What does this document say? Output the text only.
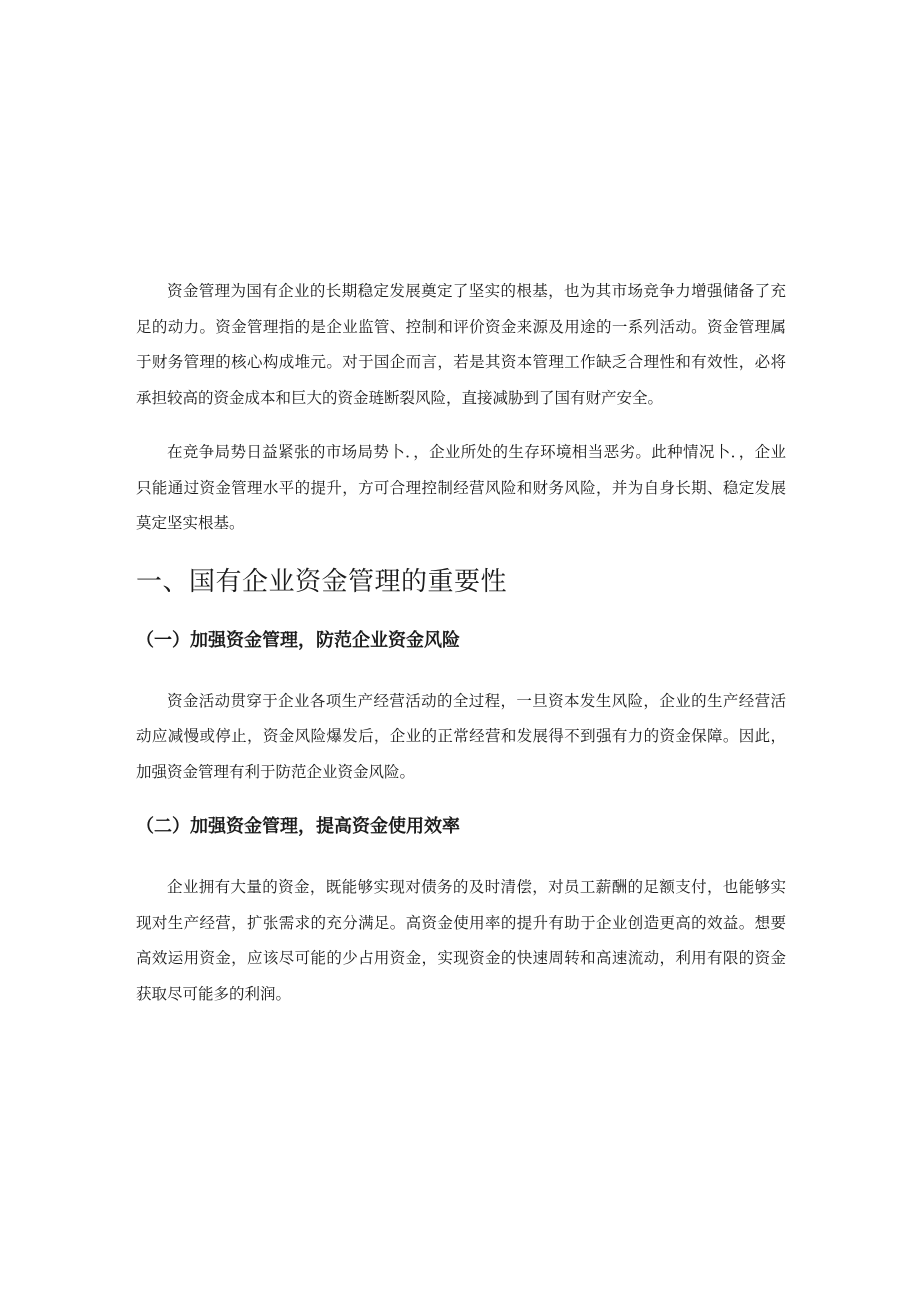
资金管理为国有企业的长期稳定发展奠定了坚实的根基，也为其市场竞争力增强储备了充足的动力。资金管理指的是企业监管、控制和评价资金来源及用途的一系列活动。资金管理属于财务管理的核心构成堆元。对于国企而言，若是其资本管理工作缺乏合理性和有效性，必将承担较高的资金成本和巨大的资金琏断裂风险，直接减胁到了国有财产安全。

在竞争局势日益紧张的市场局势卜．，企业所处的生存环境相当恶劣。此种情况卜．，企业只能通过资金管理水平的提升，方可合理控制经营风险和财务风险，并为自身长期、稳定发展莫定坚实根基。

一、国有企业资金管理的重要性
（一）加强资金管理，防范企业资金风险

资金活动贯穿于企业各项生产经营活动的全过程，一旦资本发生风险，企业的生产经营活动应减慢或停止，资金风险爆发后，企业的正常经营和发展得不到强有力的资金保障。因此，加强资金管理有利于防范企业资金风险。

（二）加强资金管理，提高资金使用效率

企业拥有大量的资金，既能够实现对债务的及时清偿，对员工薪酬的足额支付，也能够实现对生产经营，扩张需求的充分满足。高资金使用率的提升有助于企业创造更高的效益。想要高效运用资金，应该尽可能的少占用资金，实现资金的快速周转和高速流动，利用有限的资金获取尽可能多的利润。
